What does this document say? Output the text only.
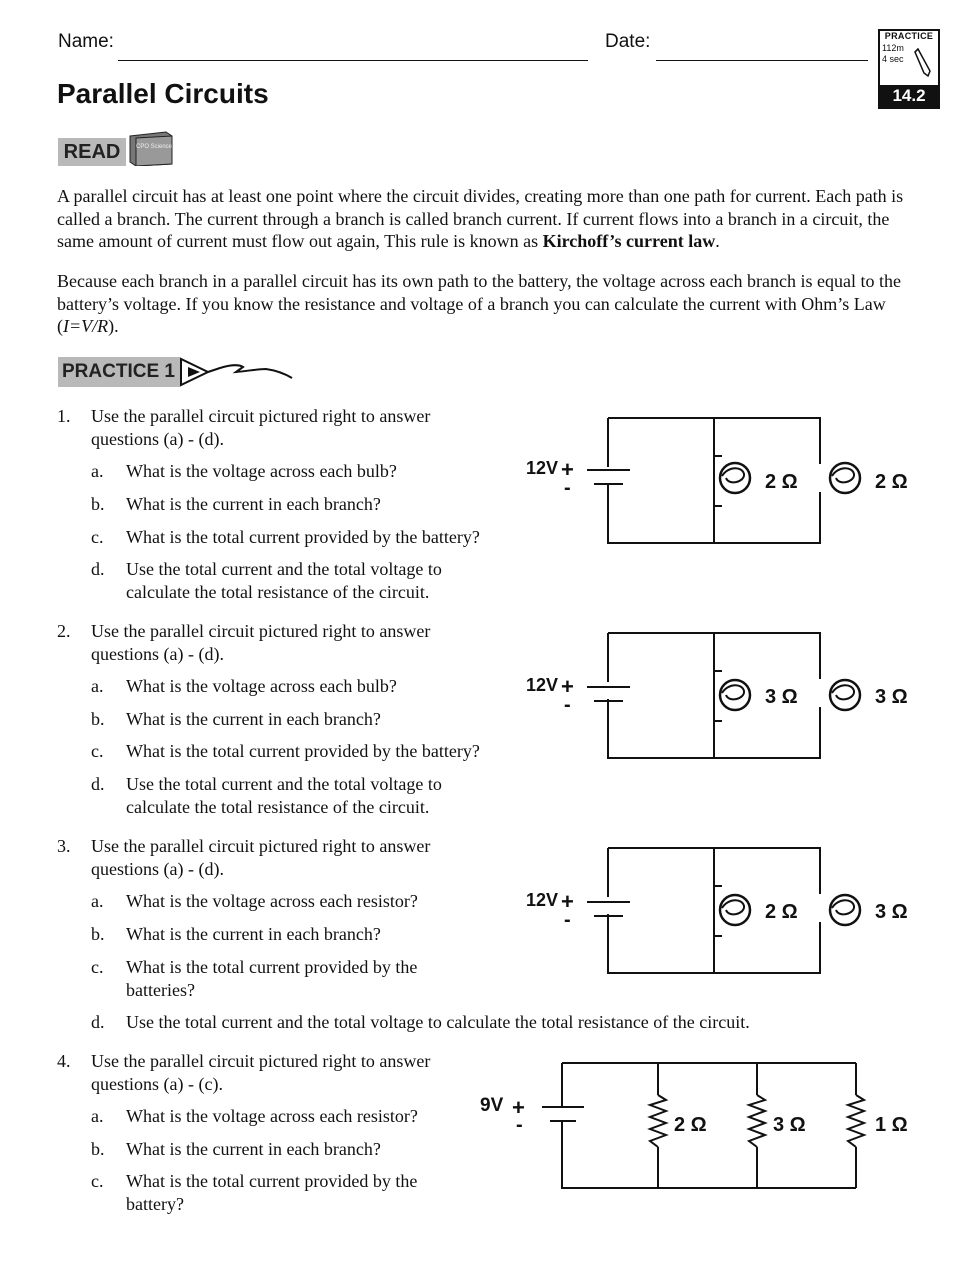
Name:	Date:	PRACTICE
112m
4 sec
14.2
Parallel Circuits
READ	CPO Science
A parallel circuit has at least one point where the circuit divides, creating more than one path for current. Each path is called a branch. The current through a branch is called branch current. If current flows into a branch in a circuit, the same amount of current must flow out again, This rule is known as Kirchoff’s current law.
Because each branch in a parallel circuit has its own path to the battery, the voltage across each branch is equal to the battery’s voltage. If you know the resistance and voltage of a branch you can calculate the current with Ohm’s Law (I=V/R).
PRACTICE 1
1. Use the parallel circuit pictured right to answer
questions (a) - (d).
a. What is the voltage across each bulb?
b. What is the current in each branch?
c. What is the total current provided by the battery?
d. Use the total current and the total voltage to
calculate the total resistance of the circuit.
2. Use the parallel circuit pictured right to answer
questions (a) - (d).
a. What is the voltage across each bulb?
b. What is the current in each branch?
c. What is the total current provided by the battery?
d. Use the total current and the total voltage to
calculate the total resistance of the circuit.
3. Use the parallel circuit pictured right to answer
questions (a) - (d).
a. What is the voltage across each resistor?
b. What is the current in each branch?
c. What is the total current provided by the
batteries?
d. Use the total current and the total voltage to calculate the total resistance of the circuit.
4. Use the parallel circuit pictured right to answer
questions (a) - (c).
a. What is the voltage across each resistor?
b. What is the current in each branch?
c. What is the total current provided by the
battery?
12V +
-	2 Ω	2 Ω
12V +
-	3 Ω	3 Ω
12V +
-	2 Ω	3 Ω
9V +
-	2 Ω	3 Ω	1 Ω
